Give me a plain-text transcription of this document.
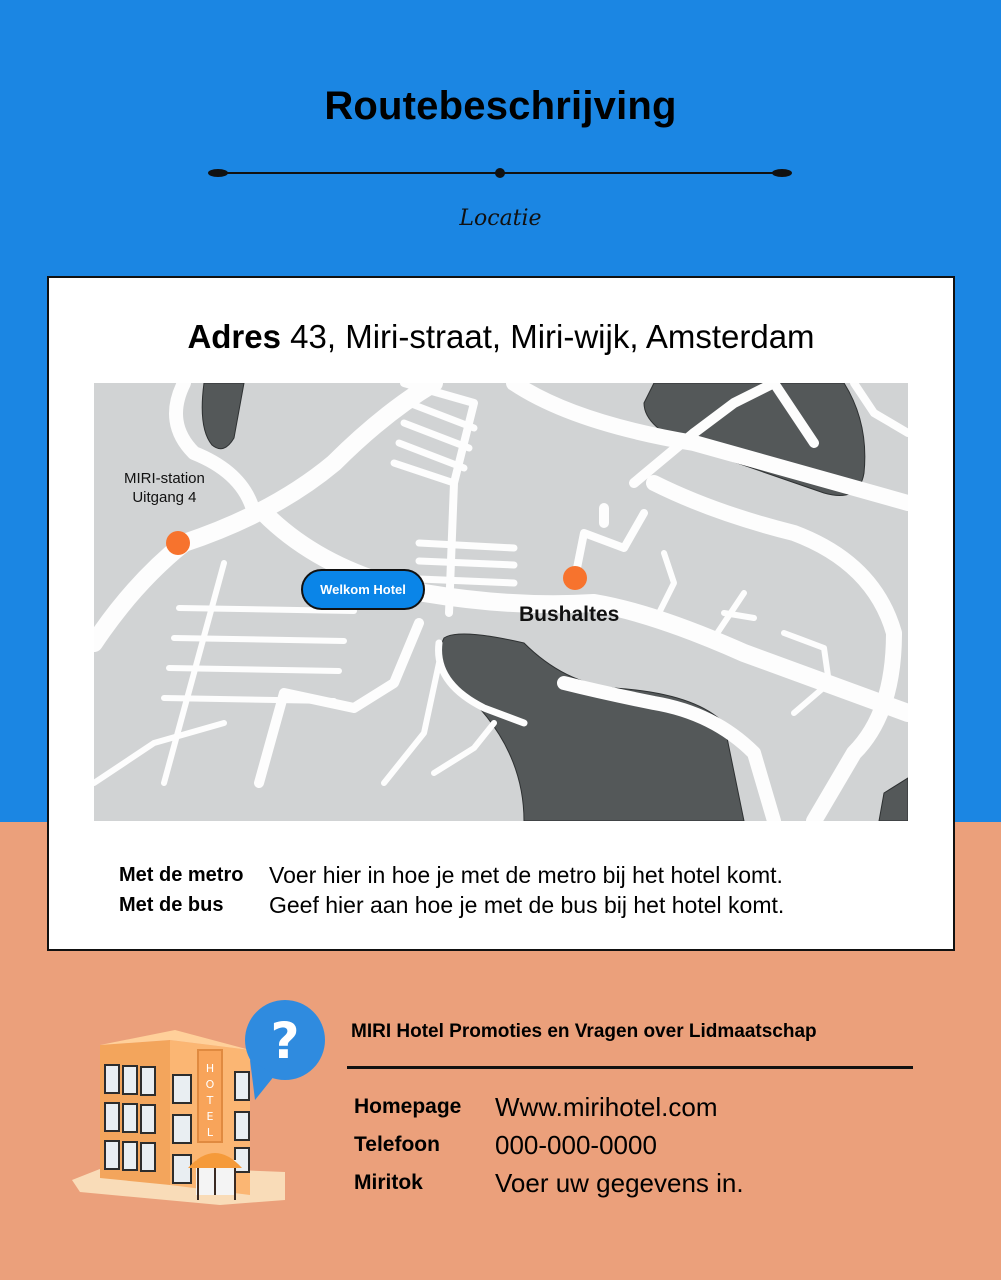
Routebeschrijving
Locatie
Adres 43, Miri-straat, Miri-wijk, Amsterdam
MIRI-station
Uitgang 4
Welkom Hotel
Bushaltes
Met de metro	Voer hier in hoe je met de metro bij het hotel komt.
Met de bus	Geef hier aan hoe je met de bus bij het hotel komt.
H
O
T
E
L
?	MIRI Hotel Promoties en Vragen over Lidmaatschap
Homepage	Www.mirihotel.com
Telefoon	000-000-0000
Miritok	Voer uw gegevens in.
